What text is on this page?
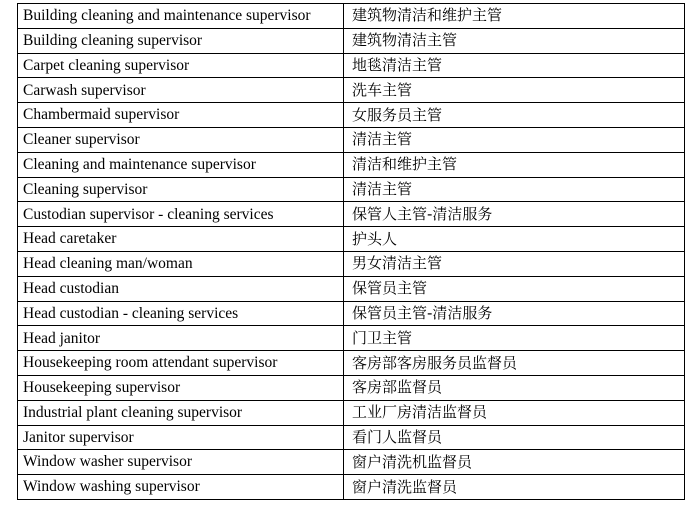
Building cleaning and maintenance supervisor	建筑物清洁和维护主管
Building cleaning supervisor	建筑物清洁主管
Carpet cleaning supervisor	地毯清洁主管
Carwash supervisor	洗车主管
Chambermaid supervisor	女服务员主管
Cleaner supervisor	清洁主管
Cleaning and maintenance supervisor	清洁和维护主管
Cleaning supervisor	清洁主管
Custodian supervisor - cleaning services	保管人主管-清洁服务
Head caretaker	护头人
Head cleaning man/woman	男女清洁主管
Head custodian	保管员主管
Head custodian - cleaning services	保管员主管-清洁服务
Head janitor	门卫主管
Housekeeping room attendant supervisor	客房部客房服务员监督员
Housekeeping supervisor	客房部监督员
Industrial plant cleaning supervisor	工业厂房清洁监督员
Janitor supervisor	看门人监督员
Window washer supervisor	窗户清洗机监督员
Window washing supervisor	窗户清洗监督员
